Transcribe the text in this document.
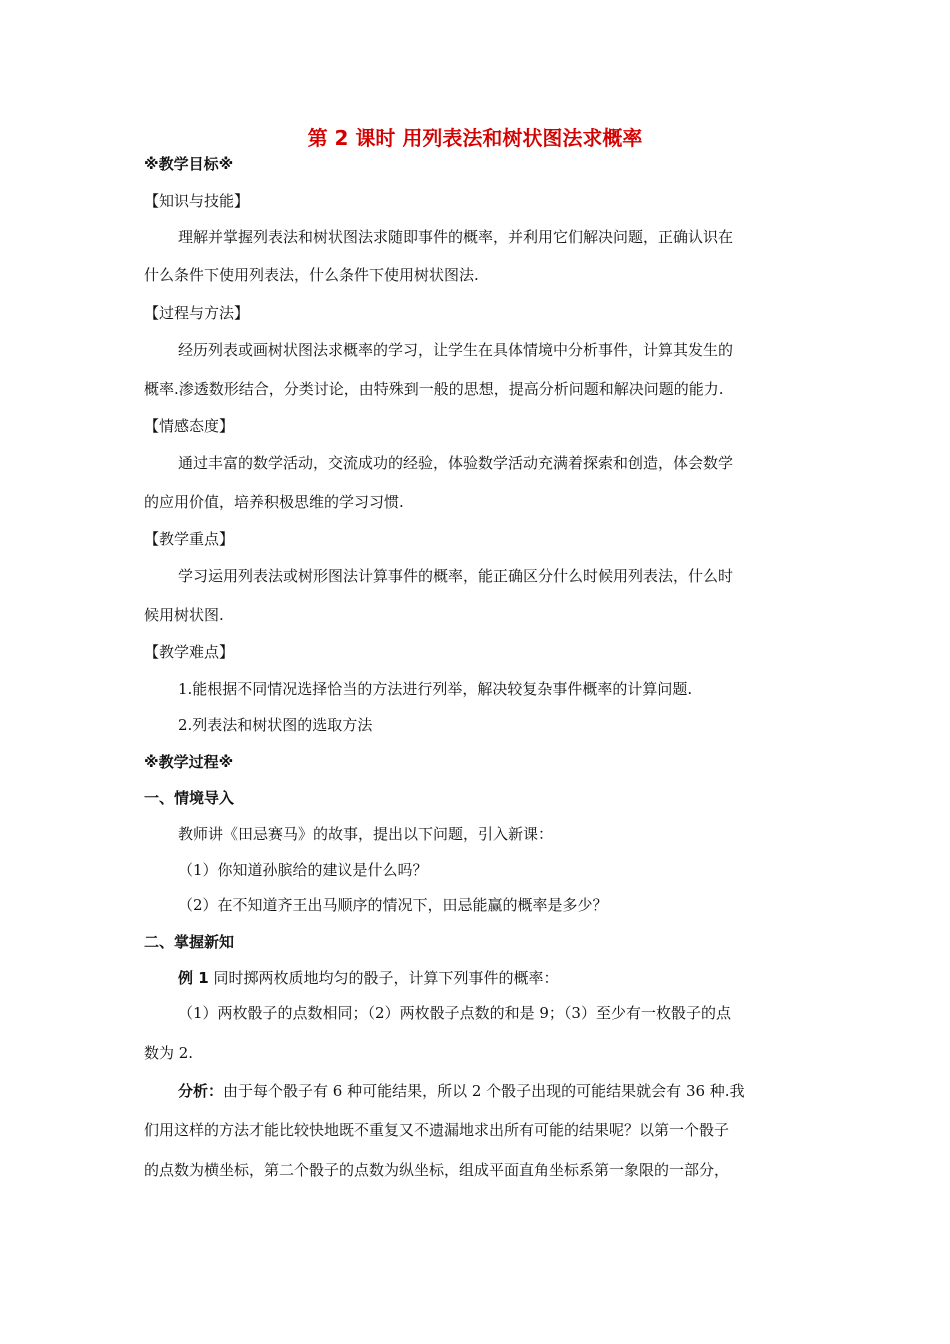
第 2 课时 用列表法和树状图法求概率
※教学目标※
【知识与技能】
理解并掌握列表法和树状图法求随即事件的概率，并利用它们解决问题，正确认识在
什么条件下使用列表法，什么条件下使用树状图法.
【过程与方法】
经历列表或画树状图法求概率的学习，让学生在具体情境中分析事件，计算其发生的
概率.渗透数形结合，分类讨论，由特殊到一般的思想，提高分析问题和解决问题的能力.
【情感态度】
通过丰富的数学活动，交流成功的经验，体验数学活动充满着探索和创造，体会数学
的应用价值，培养积极思维的学习习惯.
【教学重点】
学习运用列表法或树形图法计算事件的概率，能正确区分什么时候用列表法，什么时
候用树状图.
【教学难点】
1.能根据不同情况选择恰当的方法进行列举，解决较复杂事件概率的计算问题.
2.列表法和树状图的选取方法
※教学过程※
一、情境导入
教师讲《田忌赛马》的故事，提出以下问题，引入新课：
（1）你知道孙膑给的建议是什么吗？
（2）在不知道齐王出马顺序的情况下，田忌能赢的概率是多少？
二、掌握新知
例 1 同时掷两枚质地均匀的骰子，计算下列事件的概率：
（1）两枚骰子的点数相同；（2）两枚骰子点数的和是 9；（3）至少有一枚骰子的点
数为 2.
分析：由于每个骰子有 6 种可能结果，所以 2 个骰子出现的可能结果就会有 36 种.我
们用这样的方法才能比较快地既不重复又不遗漏地求出所有可能的结果呢？以第一个骰子
的点数为横坐标，第二个骰子的点数为纵坐标，组成平面直角坐标系第一象限的一部分，
